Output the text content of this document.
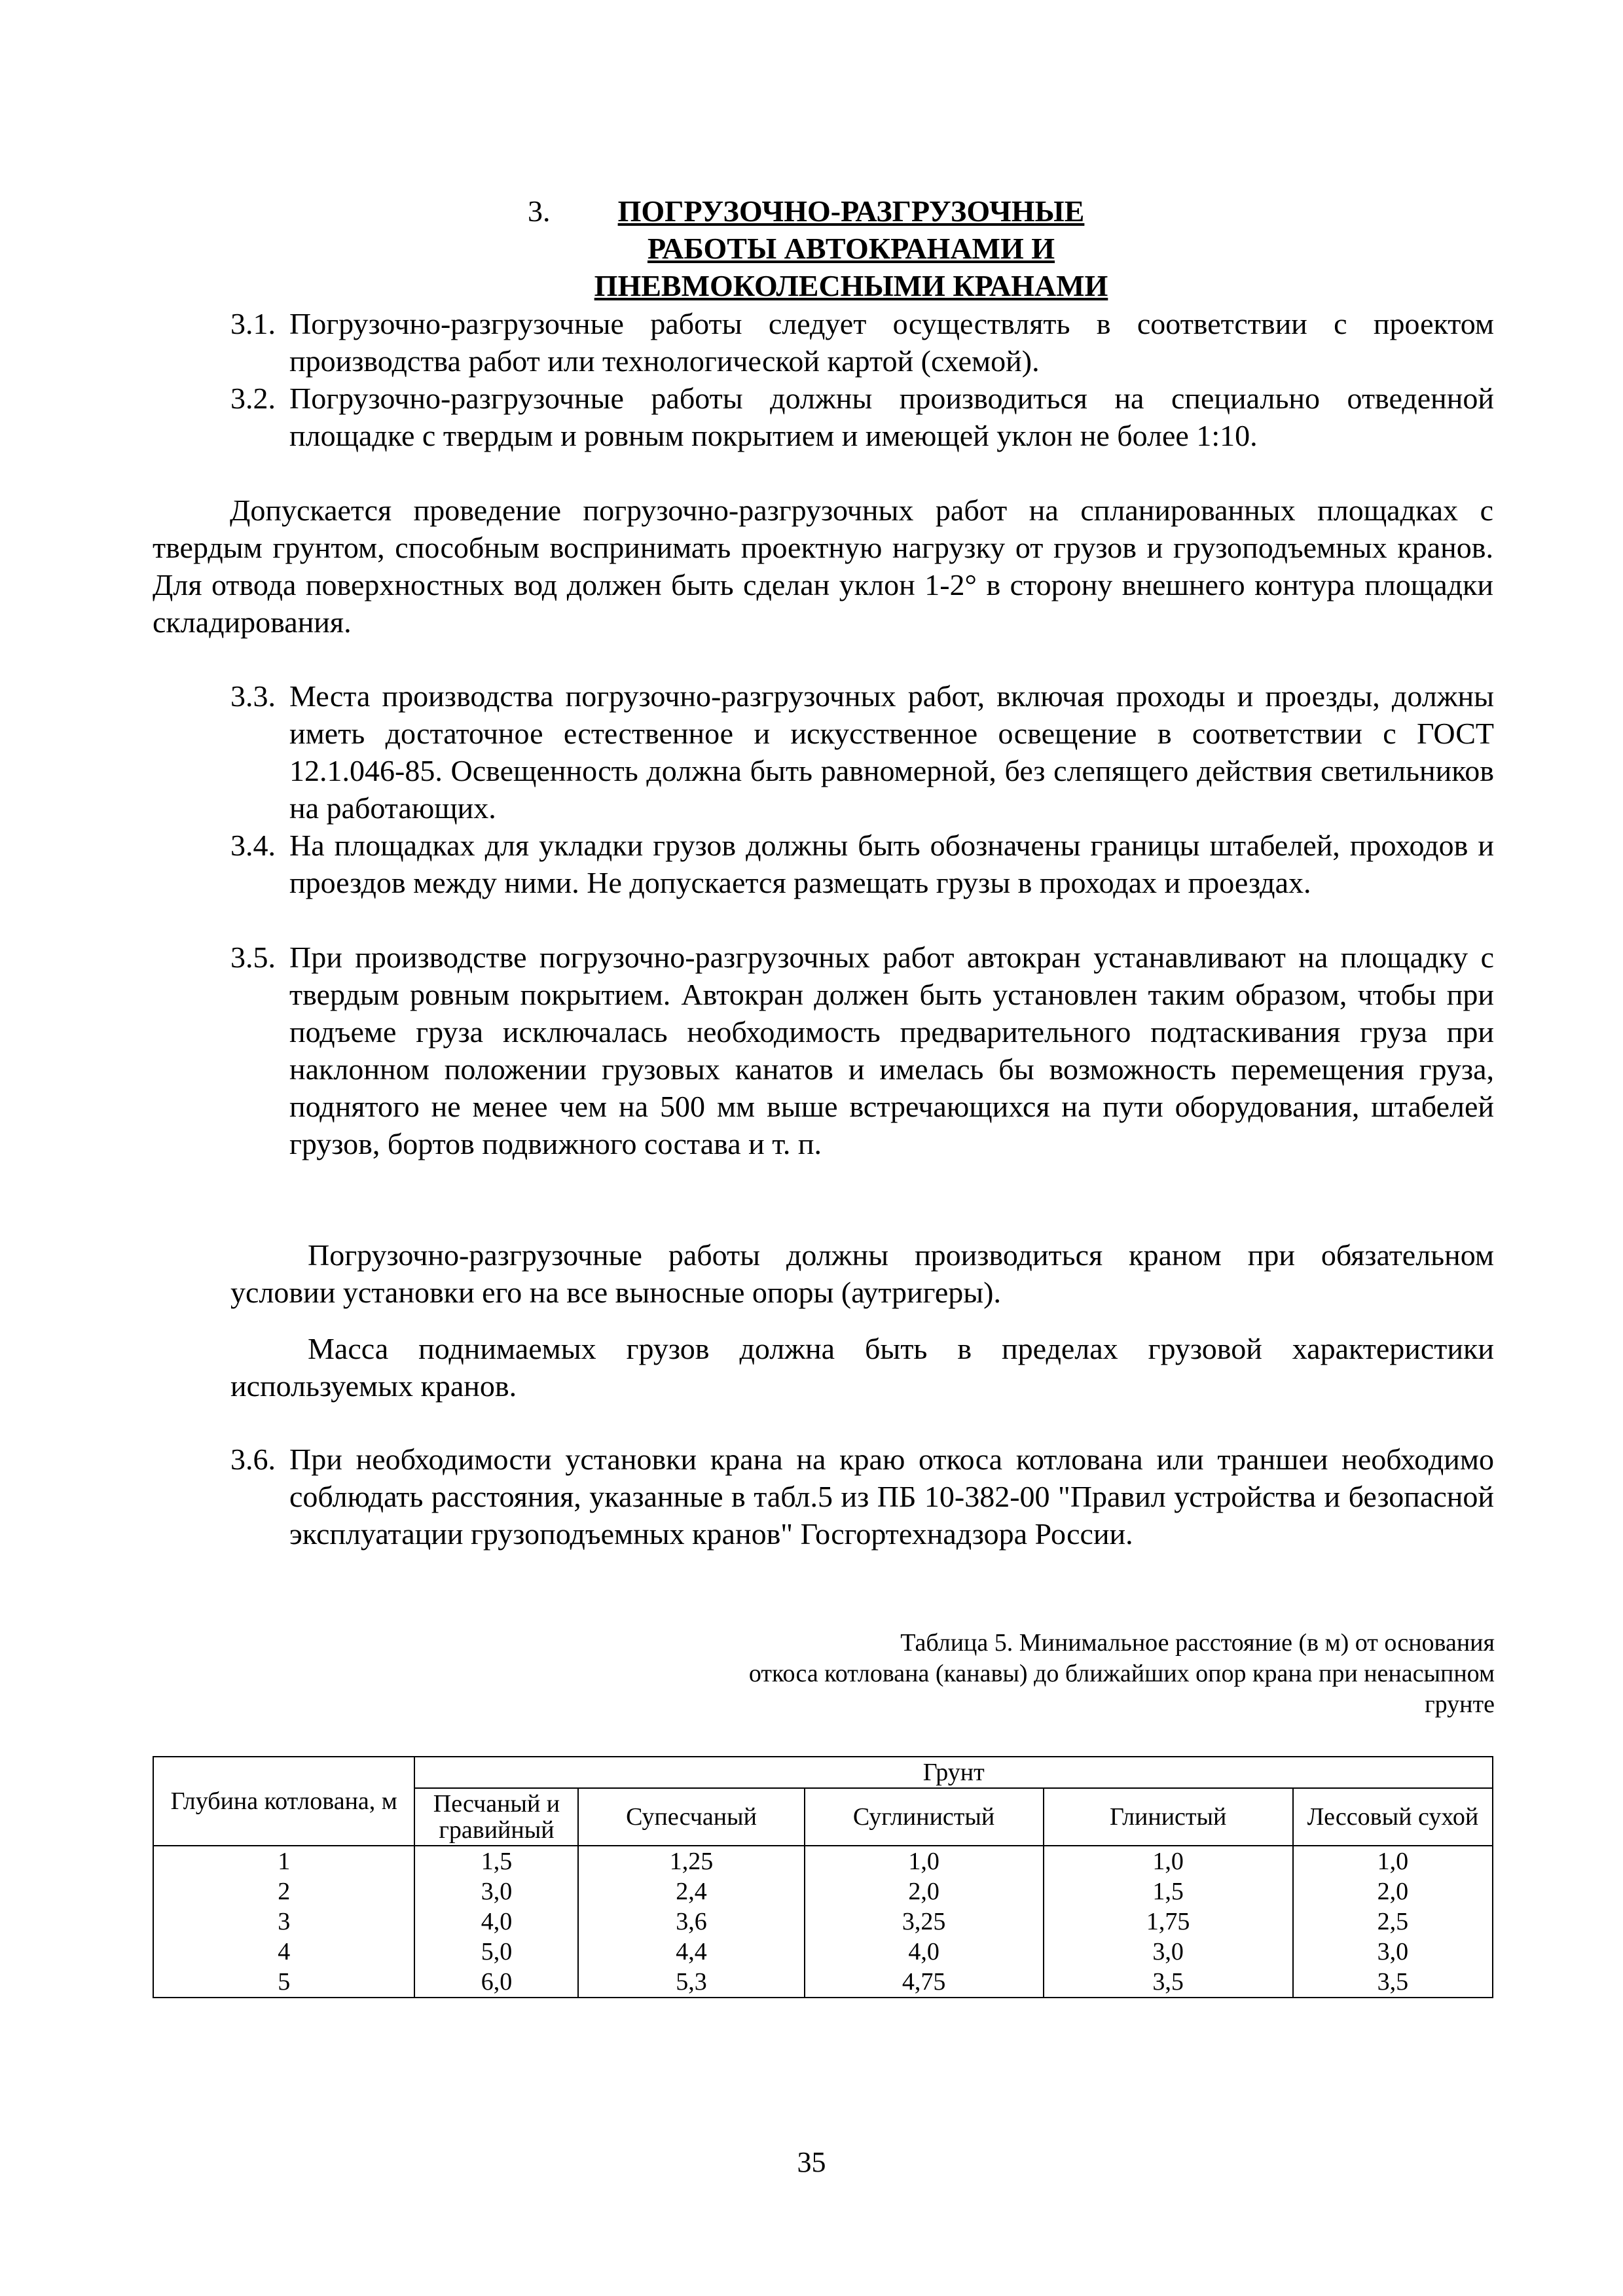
3.	ПОГРУЗОЧНО-РАЗГРУЗОЧНЫЕ
РАБОТЫ АВТОКРАНАМИ И
ПНЕВМОКОЛЕСНЫМИ КРАНАМИ
3.1. Погрузочно-разгрузочные работы следует осуществлять в соответствии с проектом производства работ или технологической картой (схемой).
3.2. Погрузочно-разгрузочные работы должны производиться на специально отведенной площадке с твердым и ровным покрытием и имеющей уклон не более 1:10.
Допускается проведение погрузочно-разгрузочных работ на спланированных площадках с твердым грунтом, способным воспринимать проектную нагрузку от грузов и грузоподъемных кранов. Для отвода поверхностных вод должен быть сделан уклон 1-2° в сторону внешнего контура площадки складирования.
3.3. Места производства погрузочно-разгрузочных работ, включая проходы и проезды, должны иметь достаточное естественное и искусственное освещение в соответствии с ГОСТ 12.1.046-85. Освещенность должна быть равномерной, без слепящего действия светильников на работающих.
3.4. На площадках для укладки грузов должны быть обозначены границы штабелей, проходов и проездов между ними. Не допускается размещать грузы в проходах и проездах.
3.5. При производстве погрузочно-разгрузочных работ автокран устанавливают на площадку с твердым ровным покрытием. Автокран должен быть установлен таким образом, чтобы при подъеме груза исключалась необходимость предварительного подтаскивания груза при наклонном положении грузовых канатов и имелась бы возможность перемещения груза, поднятого не менее чем на 500 мм выше встречающихся на пути оборудования, штабелей грузов, бортов подвижного состава и т. п.
Погрузочно-разгрузочные работы должны производиться краном при обязательном условии установки его на все выносные опоры (аутригеры).
Масса поднимаемых грузов должна быть в пределах грузовой характеристики используемых кранов.
3.6. При необходимости установки крана на краю откоса котлована или траншеи необходимо соблюдать расстояния, указанные в табл.5 из ПБ 10-382-00 "Правил устройства и безопасной эксплуатации грузоподъемных кранов" Госгортехнадзора России.
Таблица 5. Минимальное расстояние (в м) от основания
откоса котлована (канавы) до ближайших опор крана при ненасыпном
грунте
Глубина котлована, м	Грунт				
	Песчаный и гравийный	Супесчаный	Суглинистый	Глинистый	Лессовый сухой
1	1,5	1,25	1,0	1,0	1,0
2	3,0	2,4	2,0	1,5	2,0
3	4,0	3,6	3,25	1,75	2,5
4	5,0	4,4	4,0	3,0	3,0
5	6,0	5,3	4,75	3,5	3,5
35
